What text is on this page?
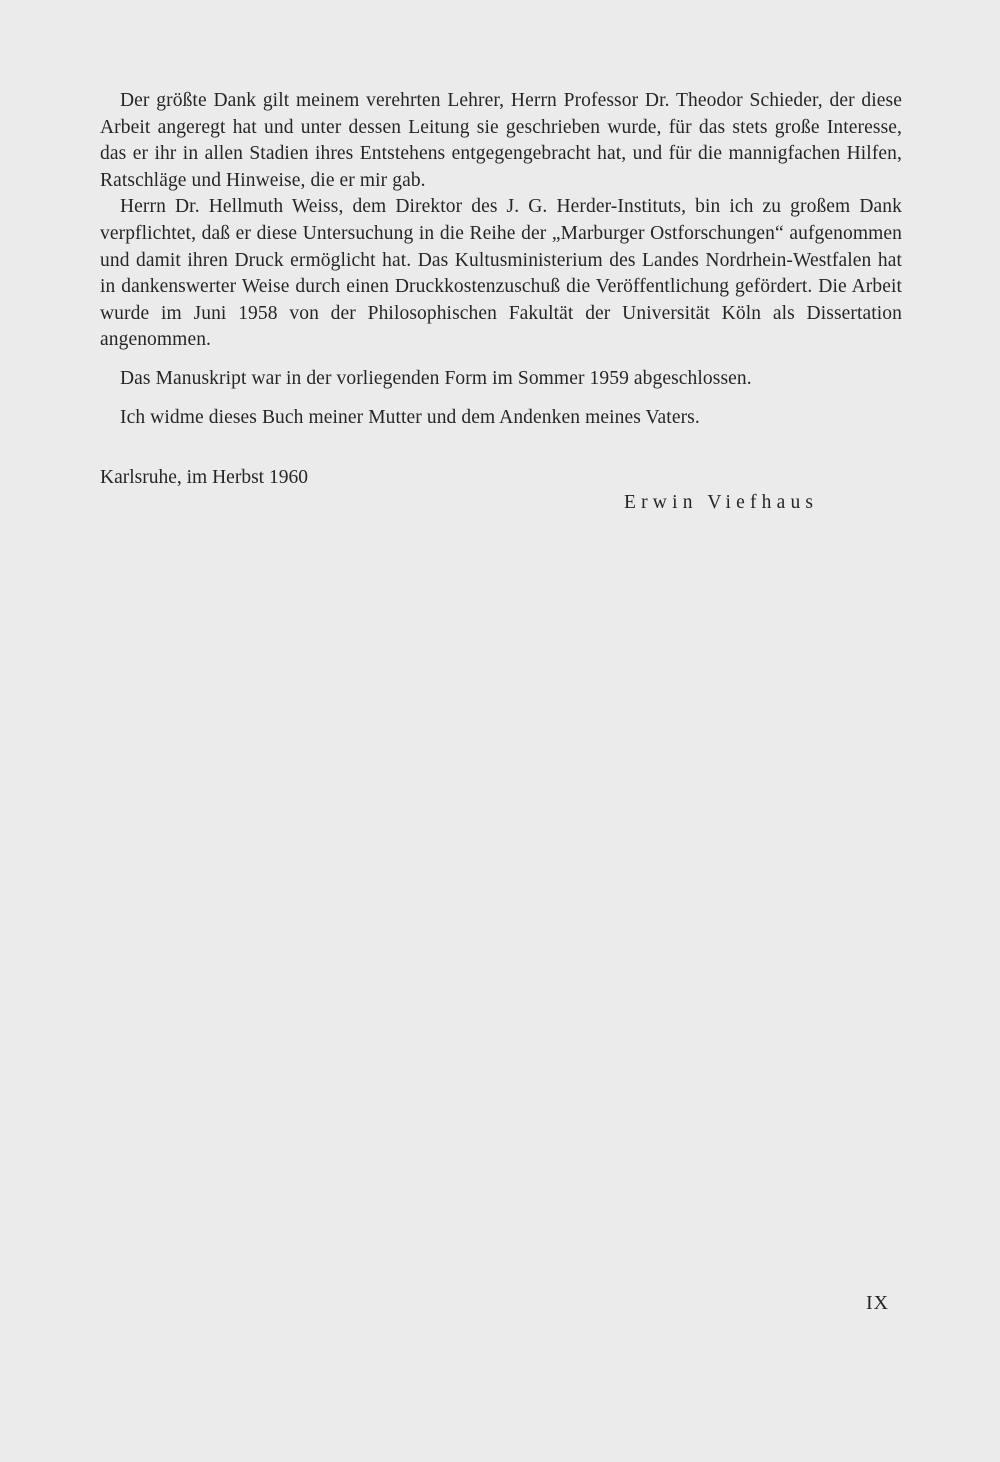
Der größte Dank gilt meinem verehrten Lehrer, Herrn Professor Dr. Theodor Schieder, der diese Arbeit angeregt hat und unter dessen Leitung sie geschrieben wurde, für das stets große Interesse, das er ihr in allen Stadien ihres Entstehens entgegengebracht hat, und für die mannigfachen Hilfen, Ratschläge und Hinweise, die er mir gab.

Herrn Dr. Hellmuth Weiss, dem Direktor des J. G. Herder-Instituts, bin ich zu großem Dank verpflichtet, daß er diese Untersuchung in die Reihe der „Marburger Ostforschungen“ aufgenommen und damit ihren Druck ermöglicht hat. Das Kultusministerium des Landes Nordrhein-Westfalen hat in dankenswerter Weise durch einen Druckkostenzuschuß die Veröffentlichung gefördert. Die Arbeit wurde im Juni 1958 von der Philosophischen Fakultät der Universität Köln als Dissertation angenommen.

Das Manuskript war in der vorliegenden Form im Sommer 1959 abgeschlossen.

Ich widme dieses Buch meiner Mutter und dem Andenken meines Vaters.

Karlsruhe, im Herbst 1960

Erwin Viefhaus

IX
